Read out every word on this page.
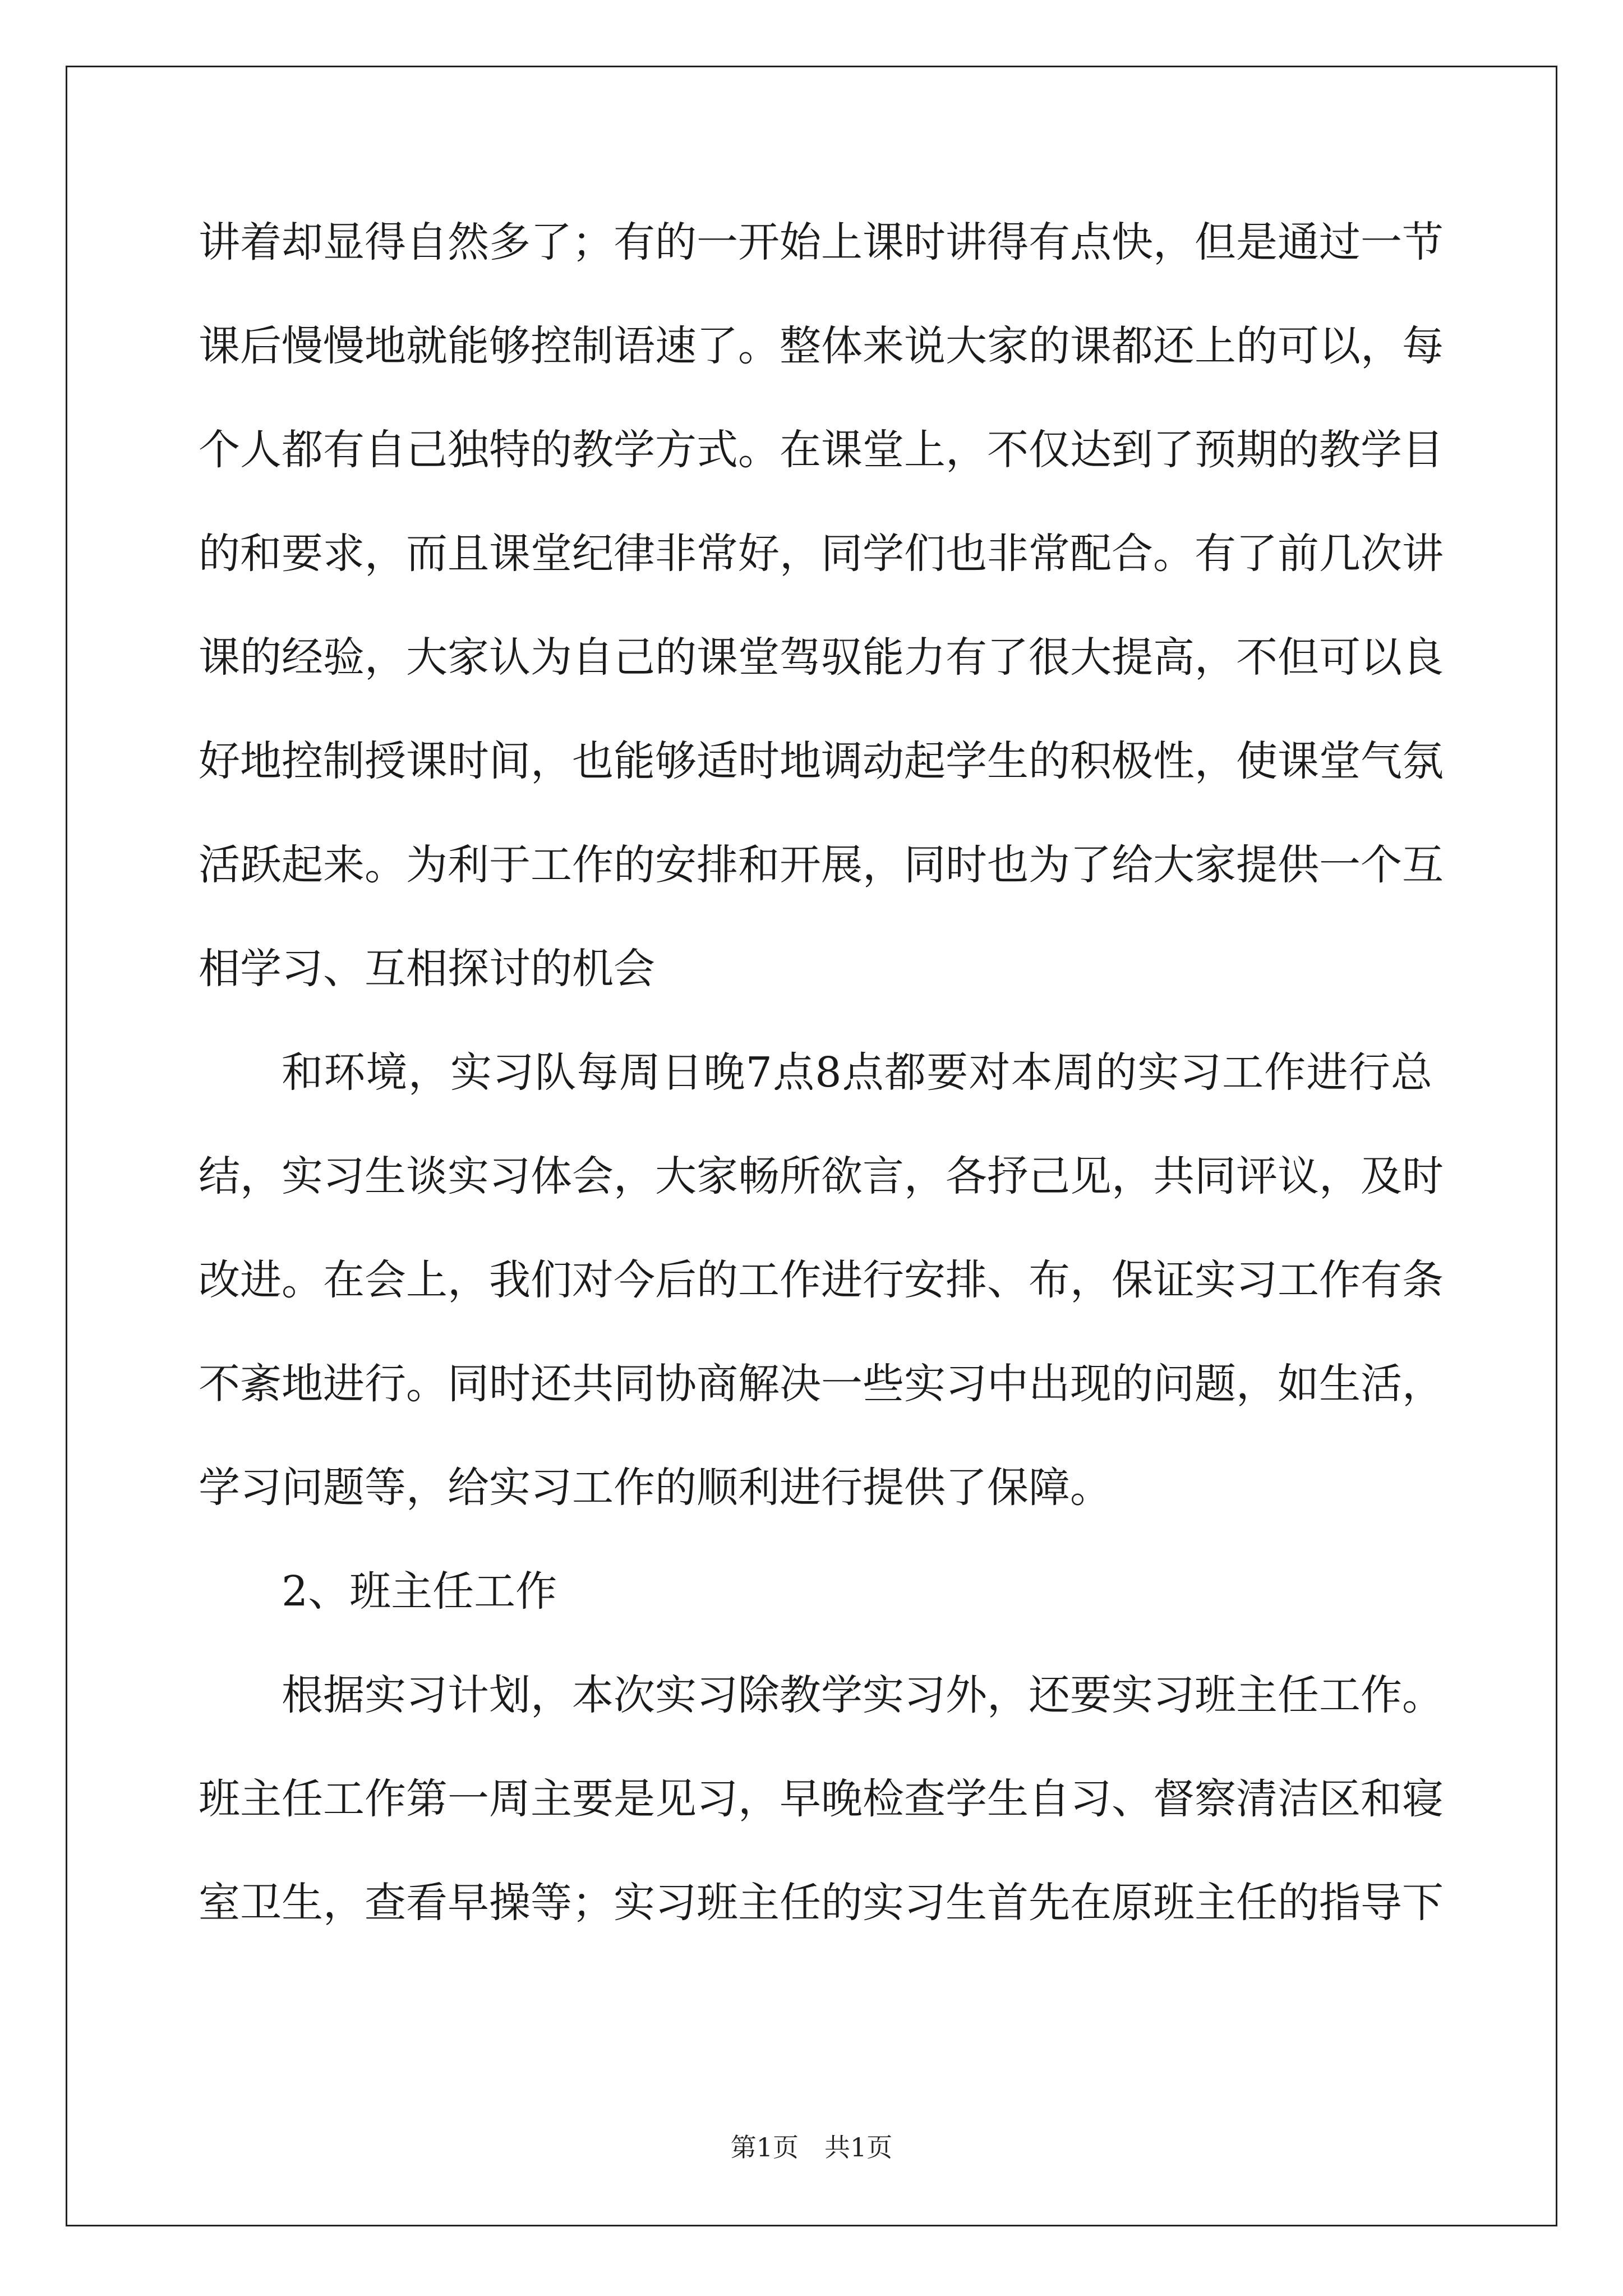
讲着却显得自然多了；有的一开始上课时讲得有点快，但是通过一节
课后慢慢地就能够控制语速了。整体来说大家的课都还上的可以，每
个人都有自己独特的教学方式。在课堂上，不仅达到了预期的教学目
的和要求，而且课堂纪律非常好，同学们也非常配合。有了前几次讲
课的经验，大家认为自己的课堂驾驭能力有了很大提高，不但可以良
好地控制授课时间，也能够适时地调动起学生的积极性，使课堂气氛
活跃起来。为利于工作的安排和开展，同时也为了给大家提供一个互
相学习、互相探讨的机会
和环境，实习队每周日晚7点8点都要对本周的实习工作进行总
结，实习生谈实习体会，大家畅所欲言，各抒己见，共同评议，及时
改进。在会上，我们对今后的工作进行安排、布，保证实习工作有条
不紊地进行。同时还共同协商解决一些实习中出现的问题，如生活，
学习问题等，给实习工作的顺利进行提供了保障。
2、班主任工作
根据实习计划，本次实习除教学实习外，还要实习班主任工作。
班主任工作第一周主要是见习，早晚检查学生自习、督察清洁区和寝
室卫生，查看早操等；实习班主任的实习生首先在原班主任的指导下
第1页 共1页
